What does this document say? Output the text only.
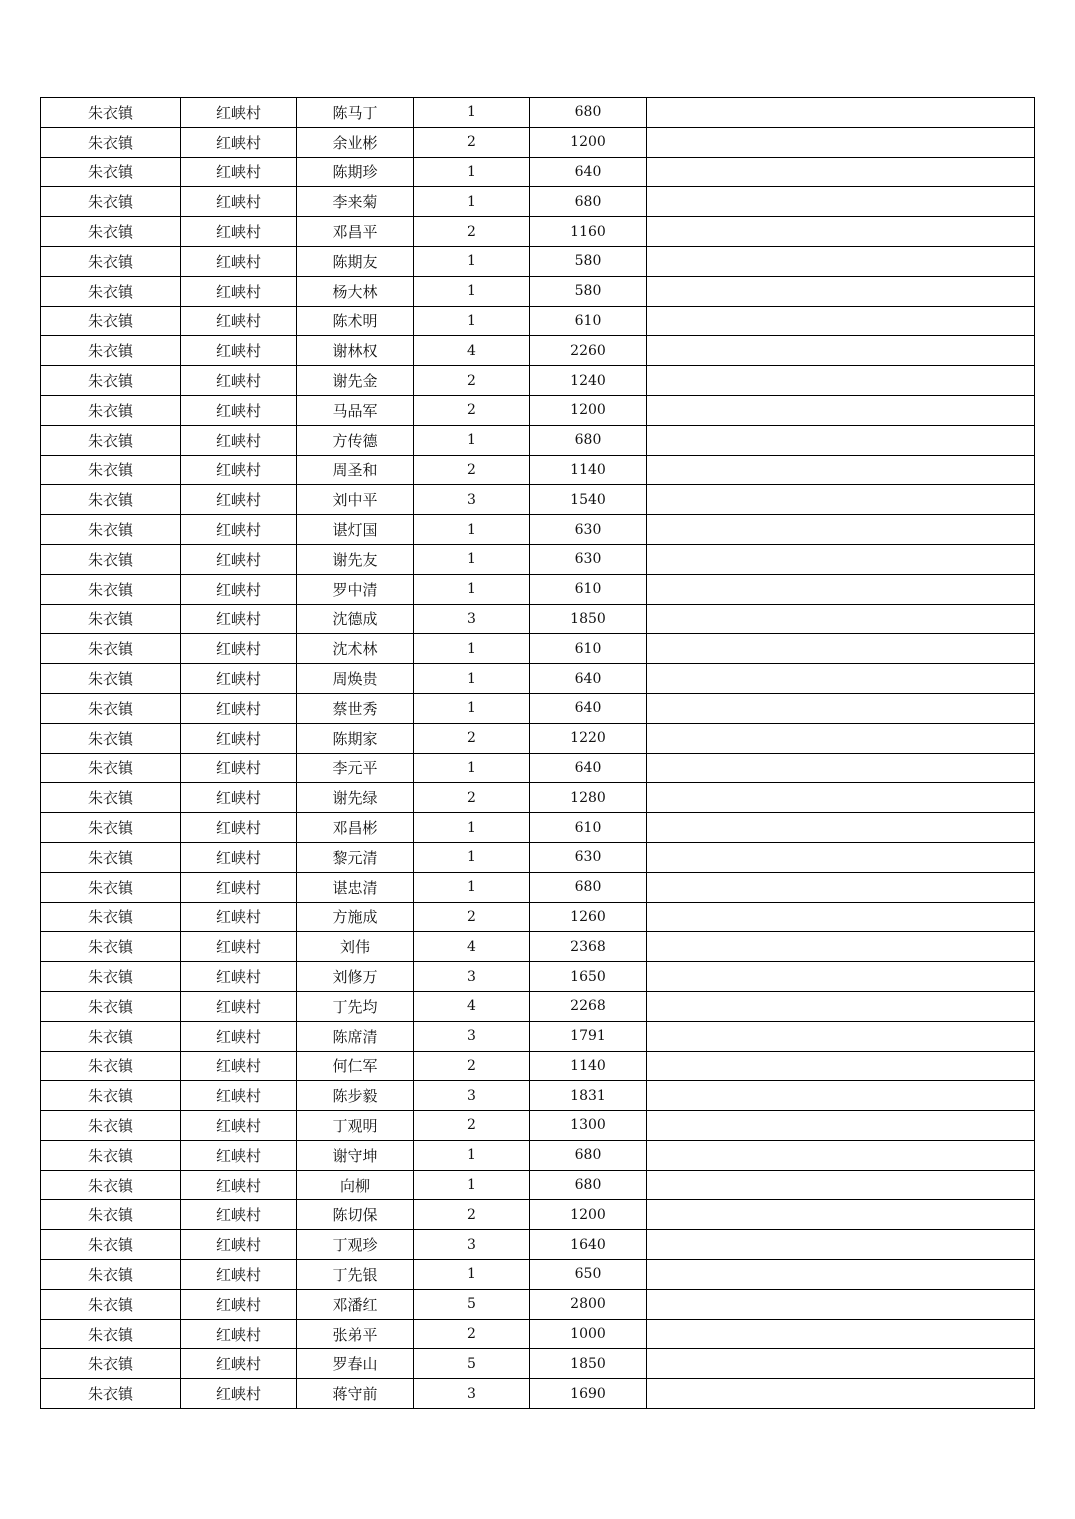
朱衣镇	红峡村	陈马丁	1	680	
朱衣镇	红峡村	余业彬	2	1200	
朱衣镇	红峡村	陈期珍	1	640	
朱衣镇	红峡村	李来菊	1	680	
朱衣镇	红峡村	邓昌平	2	1160	
朱衣镇	红峡村	陈期友	1	580	
朱衣镇	红峡村	杨大林	1	580	
朱衣镇	红峡村	陈术明	1	610	
朱衣镇	红峡村	谢林权	4	2260	
朱衣镇	红峡村	谢先金	2	1240	
朱衣镇	红峡村	马品军	2	1200	
朱衣镇	红峡村	方传德	1	680	
朱衣镇	红峡村	周圣和	2	1140	
朱衣镇	红峡村	刘中平	3	1540	
朱衣镇	红峡村	谌灯国	1	630	
朱衣镇	红峡村	谢先友	1	630	
朱衣镇	红峡村	罗中清	1	610	
朱衣镇	红峡村	沈德成	3	1850	
朱衣镇	红峡村	沈术林	1	610	
朱衣镇	红峡村	周焕贵	1	640	
朱衣镇	红峡村	蔡世秀	1	640	
朱衣镇	红峡村	陈期家	2	1220	
朱衣镇	红峡村	李元平	1	640	
朱衣镇	红峡村	谢先绿	2	1280	
朱衣镇	红峡村	邓昌彬	1	610	
朱衣镇	红峡村	黎元清	1	630	
朱衣镇	红峡村	谌忠清	1	680	
朱衣镇	红峡村	方施成	2	1260	
朱衣镇	红峡村	刘伟	4	2368	
朱衣镇	红峡村	刘修万	3	1650	
朱衣镇	红峡村	丁先均	4	2268	
朱衣镇	红峡村	陈席清	3	1791	
朱衣镇	红峡村	何仁军	2	1140	
朱衣镇	红峡村	陈步毅	3	1831	
朱衣镇	红峡村	丁观明	2	1300	
朱衣镇	红峡村	谢守坤	1	680	
朱衣镇	红峡村	向柳	1	680	
朱衣镇	红峡村	陈切保	2	1200	
朱衣镇	红峡村	丁观珍	3	1640	
朱衣镇	红峡村	丁先银	1	650	
朱衣镇	红峡村	邓潘红	5	2800	
朱衣镇	红峡村	张弟平	2	1000	
朱衣镇	红峡村	罗春山	5	1850	
朱衣镇	红峡村	蒋守前	3	1690	
